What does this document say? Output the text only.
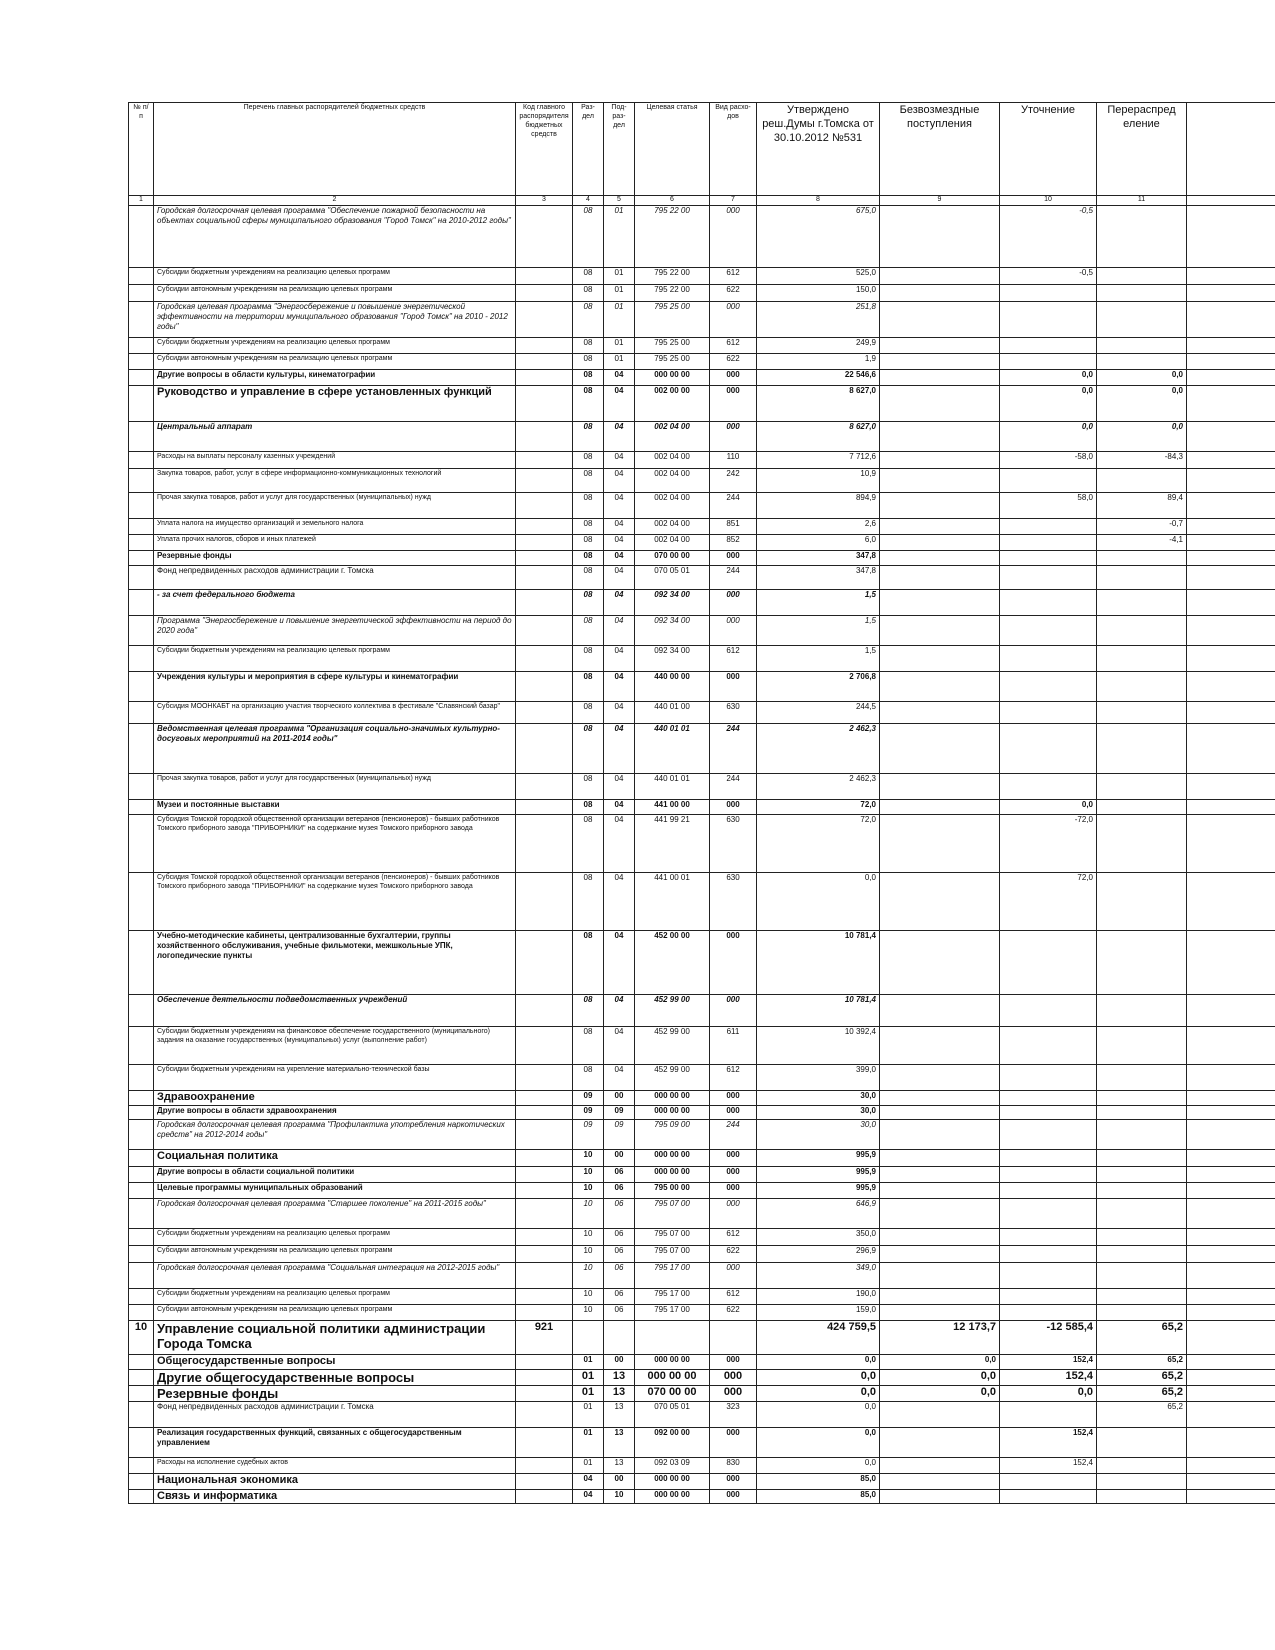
№ п/п	Перечень главных распорядителей бюджетных средств	Код главного распорядителя бюджетных средств	Раз-дел	Под-раз-дел	Целевая статья	Вид расхо-дов	Утверждено реш.Думы г.Томска от 30.10.2012 №531	Безвозмездные поступления	Уточнение	Перераспред еление	
1	2	3	4	5	6	7	8	9	10	11	
	Городская долгосрочная целевая программа "Обеспечение пожарной безопасности на объектах социальной сферы муниципального образования "Город Томск" на 2010-2012 годы"		08	01	795 22 00	000	675,0		-0,5		
	Субсидии бюджетным учреждениям на реализацию целевых программ		08	01	795 22 00	612	525,0		-0,5		
	Субсидии автономным учреждениям на реализацию целевых программ		08	01	795 22 00	622	150,0				
	Городская целевая программа "Энергосбережение и повышение энергетической эффективности на территории муниципального образования "Город Томск" на 2010 - 2012 годы"		08	01	795 25 00	000	251,8				
	Субсидии бюджетным учреждениям на реализацию целевых программ		08	01	795 25 00	612	249,9				
	Субсидии автономным учреждениям на реализацию целевых программ		08	01	795 25 00	622	1,9				
	Другие вопросы в области культуры, кинематографии		08	04	000 00 00	000	22 546,6		0,0	0,0	
	Руководство и управление в сфере установленных функций		08	04	002 00 00	000	8 627,0		0,0	0,0	
	Центральный аппарат		08	04	002 04 00	000	8 627,0		0,0	0,0	
	Расходы на выплаты персоналу казенных учреждений		08	04	002 04 00	110	7 712,6		-58,0	-84,3	
	Закупка товаров, работ, услуг в сфере информационно-коммуникационных технологий		08	04	002 04 00	242	10,9				
	Прочая закупка товаров, работ и услуг для государственных (муниципальных) нужд		08	04	002 04 00	244	894,9		58,0	89,4	
	Уплата налога на имущество организаций и земельного налога		08	04	002 04 00	851	2,6			-0,7	
	Уплата прочих налогов, сборов и иных платежей		08	04	002 04 00	852	6,0			-4,1	
	Резервные фонды		08	04	070 00 00	000	347,8				
	Фонд непредвиденных расходов администрации г. Томска		08	04	070 05 01	244	347,8				
	- за счет федерального бюджета		08	04	092 34 00	000	1,5				
	Программа "Энергосбережение и повышение энергетической эффективности на период до 2020 года"		08	04	092 34 00	000	1,5				
	Субсидии бюджетным учреждениям на реализацию целевых программ		08	04	092 34 00	612	1,5				
	Учреждения культуры и мероприятия в сфере культуры и кинематографии		08	04	440 00 00	000	2 706,8				
	Субсидия МООНКАБТ на организацию участия творческого коллектива в фестивале "Славянский базар"		08	04	440 01 00	630	244,5				
	Ведомственная целевая программа "Организация социально-значимых культурно-досуговых мероприятий на 2011-2014 годы"		08	04	440 01 01	244	2 462,3				
	Прочая закупка товаров, работ и услуг для государственных (муниципальных) нужд		08	04	440 01 01	244	2 462,3				
	Музеи и постоянные выставки		08	04	441 00 00	000	72,0		0,0		
	Субсидия Томской городской общественной организации ветеранов (пенсионеров) - бывших работников Томского приборного завода "ПРИБОРНИКИ" на содержание музея Томского приборного завода		08	04	441 99 21	630	72,0		-72,0		
	Субсидия Томской городской общественной организации ветеранов (пенсионеров) - бывших работников Томского приборного завода "ПРИБОРНИКИ" на содержание музея Томского приборного завода		08	04	441 00 01	630	0,0		72,0		
	Учебно-методические кабинеты, централизованные бухгалтерии, группы хозяйственного обслуживания, учебные фильмотеки, межшкольные УПК, логопедические пункты		08	04	452 00 00	000	10 781,4				
	Обеспечение деятельности подведомственных учреждений		08	04	452 99 00	000	10 781,4				
	Субсидии бюджетным учреждениям на финансовое обеспечение государственного (муниципального) задания на оказание государственных (муниципальных) услуг (выполнение работ)		08	04	452 99 00	611	10 392,4				
	Субсидии бюджетным учреждениям на укрепление материально-технической базы		08	04	452 99 00	612	399,0				
	Здравоохранение		09	00	000 00 00	000	30,0				
	Другие вопросы в области здравоохранения		09	09	000 00 00	000	30,0				
	Городская долгосрочная целевая программа "Профилактика употребления наркотических средств" на 2012-2014 годы"		09	09	795 09 00	244	30,0				
	Социальная политика		10	00	000 00 00	000	995,9				
	Другие вопросы в области социальной политики		10	06	000 00 00	000	995,9				
	Целевые программы муниципальных образований		10	06	795 00 00	000	995,9				
	Городская долгосрочная целевая программа "Старшее поколение" на 2011-2015 годы"		10	06	795 07 00	000	646,9				
	Субсидии бюджетным учреждениям на реализацию целевых программ		10	06	795 07 00	612	350,0				
	Субсидии автономным учреждениям на реализацию целевых программ		10	06	795 07 00	622	296,9				
	Городская долгосрочная целевая программа "Социальная интеграция на 2012-2015 годы"		10	06	795 17 00	000	349,0				
	Субсидии бюджетным учреждениям на реализацию целевых программ		10	06	795 17 00	612	190,0				
	Субсидии автономным учреждениям на реализацию целевых программ		10	06	795 17 00	622	159,0				
10	Управление социальной политики администрации Города Томска	921					424 759,5	12 173,7	-12 585,4	65,2	
	Общегосударственные вопросы		01	00	000 00 00	000	0,0	0,0	152,4	65,2	
	Другие общегосударственные вопросы		01	13	000 00 00	000	0,0	0,0	152,4	65,2	
	Резервные фонды		01	13	070 00 00	000	0,0	0,0	0,0	65,2	
	Фонд непредвиденных расходов администрации г. Томска		01	13	070 05 01	323	0,0			65,2	
	Реализация государственных функций, связанных с общегосударственным управлением		01	13	092 00 00	000	0,0		152,4		
	Расходы на исполнение судебных актов		01	13	092 03 09	830	0,0		152,4		
	Национальная экономика		04	00	000 00 00	000	85,0				
	Связь и информатика		04	10	000 00 00	000	85,0				
